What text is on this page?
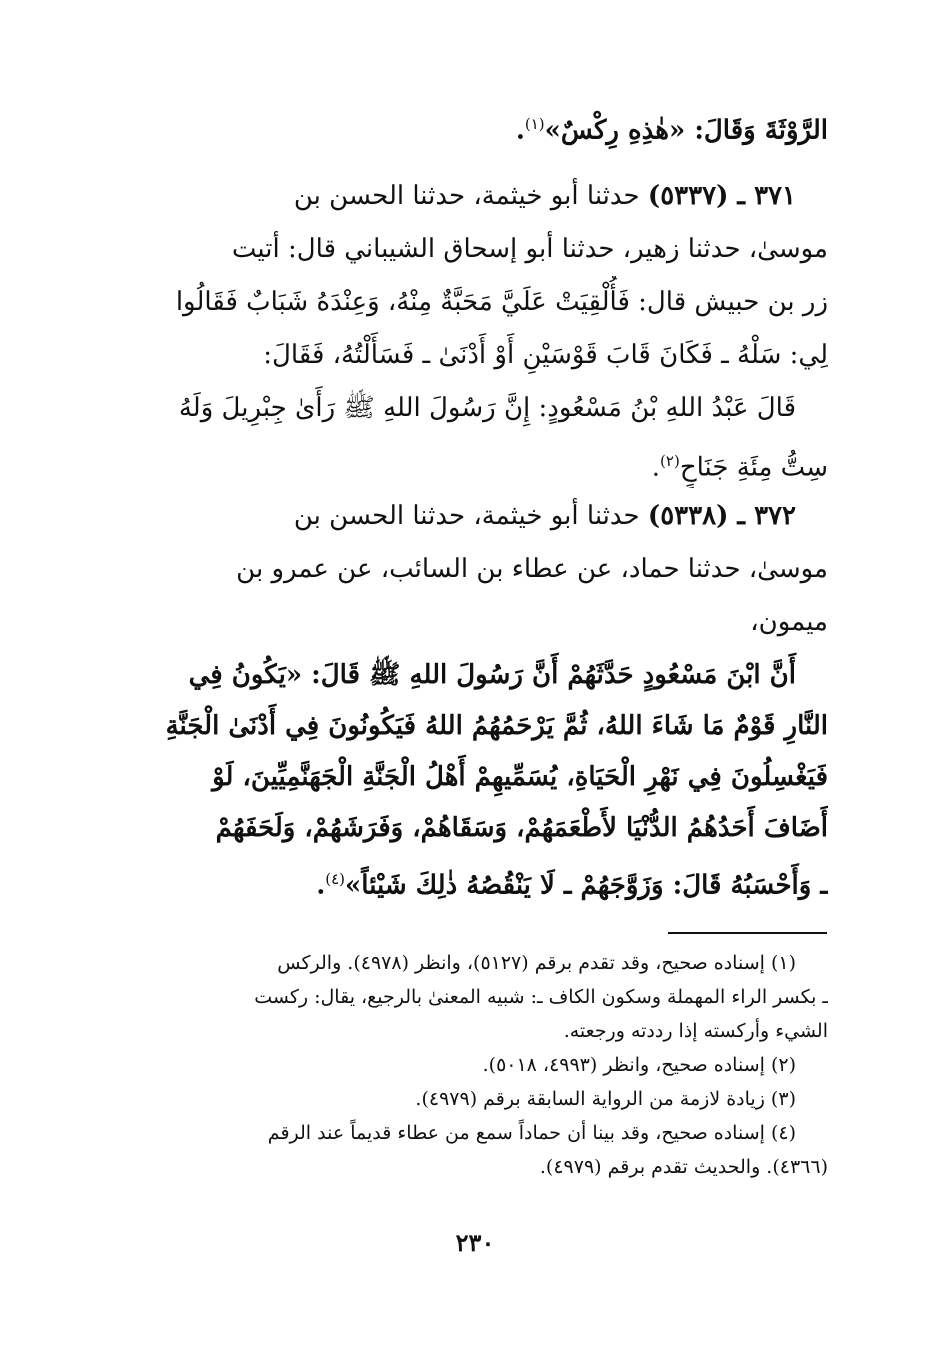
الرَّوْثَةَ وَقَالَ: «هٰذِهِ رِكْسٌ»$^{(١)}$.
٣٧١ ـ (٥٣٣٧) حدثنا أبو خيثمة، حدثنا الحسن بن
موسىٰ، حدثنا زهير، حدثنا أبو إسحاق الشيباني قال: أتيت
زر بن حبيش قال: فَأُلْقِيَتْ عَلَيَّ مَحَبَّةٌ مِنْهُ، وَعِنْدَهُ شَبَابٌ فَقَالُوا
لِي: سَلْهُ ـ فَكَانَ قَابَ قَوْسَيْنِ أَوْ أَدْنَىٰ ـ فَسَأَلْتُهُ، فَقَالَ:
قَالَ عَبْدُ اللهِ بْنُ مَسْعُودٍ: إِنَّ رَسُولَ اللهِ ﷺ رَأَىٰ جِبْرِيلَ وَلَهُ
سِتُّ مِئَةِ جَنَاحٍ$^{(٢)}$.
٣٧٢ ـ (٥٣٣٨) حدثنا أبو خيثمة، حدثنا الحسن بن
موسىٰ، حدثنا حماد، عن عطاء بن السائب، عن عمرو بن
ميمون،
أَنَّ ابْنَ مَسْعُودٍ حَدَّثَهُمْ أَنَّ رَسُولَ اللهِ ﷺ قَالَ: «يَكُونُ فِي
النَّارِ قَوْمٌ مَا شَاءَ اللهُ، ثُمَّ يَرْحَمُهُمُ اللهُ فَيَكُونُونَ فِي أَدْنَىٰ الْجَنَّةِ
فَيَغْسِلُونَ فِي نَهْرِ الْحَيَاةِ، يُسَمِّيهِمْ أَهْلُ الْجَنَّةِ الْجَهَنَّمِيِّينَ، لَوْ
أَضَافَ أَحَدُهُمُ الدُّنْيَا لأَطْعَمَهُمْ، وَسَقَاهُمْ، وَفَرَشَهُمْ، وَلَحَفَهُمْ
ـ وَأَحْسَبُهُ قَالَ: وَزَوَّجَهُمْ ـ لَا يَنْقُصُهُ ذٰلِكَ شَيْئاً»$^{(٤)}$.
(١) إسناده صحيح، وقد تقدم برقم (٥١٢٧)، وانظر (٤٩٧٨). والركس
ـ بكسر الراء المهملة وسكون الكاف ـ: شبيه المعنىٰ بالرجيع، يقال: ركست
الشيء وأركسته إذا رددته ورجعته.
(٢) إسناده صحيح، وانظر (٤٩٩٣، ٥٠١٨).
(٣) زيادة لازمة من الرواية السابقة برقم (٤٩٧٩).
(٤) إسناده صحيح، وقد بينا أن حماداً سمع من عطاء قديماً عند الرقم
(٤٣٦٦). والحديث تقدم برقم (٤٩٧٩).
٢٣٠
